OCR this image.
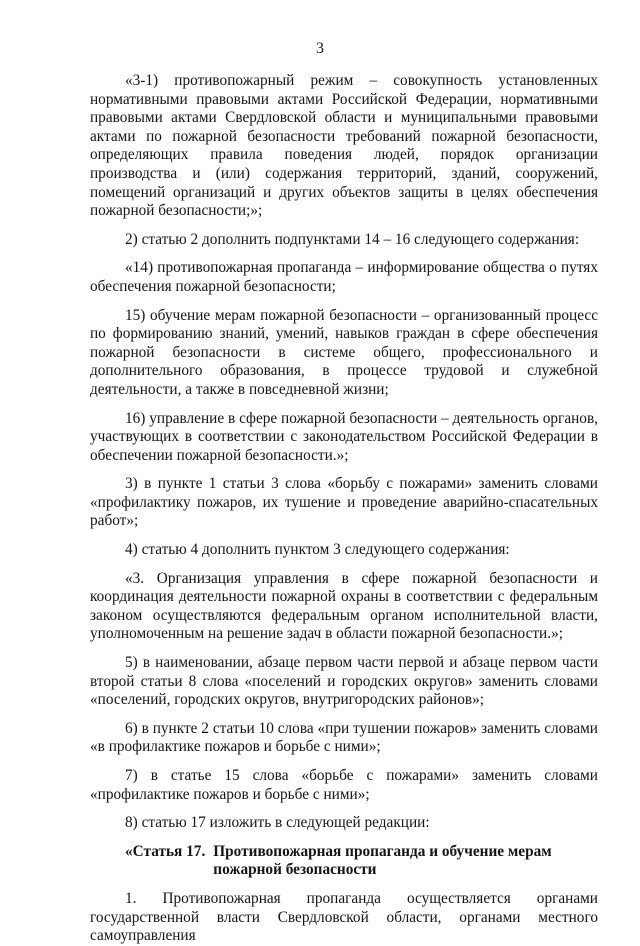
3

«3-1) противопожарный режим – совокупность установленных нормативными правовыми актами Российской Федерации, нормативными правовыми актами Свердловской области и муниципальными правовыми актами по пожарной безопасности требований пожарной безопасности, определяющих правила поведения людей, порядок организации производства и (или) содержания территорий, зданий, сооружений, помещений организаций и других объектов защиты в целях обеспечения пожарной безопасности;»;

2) статью 2 дополнить подпунктами 14 – 16 следующего содержания:

«14) противопожарная пропаганда – информирование общества о путях обеспечения пожарной безопасности;

15) обучение мерам пожарной безопасности – организованный процесс по формированию знаний, умений, навыков граждан в сфере обеспечения пожарной безопасности в системе общего, профессионального и дополнительного образования, в процессе трудовой и служебной деятельности, а также в повседневной жизни;

16) управление в сфере пожарной безопасности – деятельность органов, участвующих в соответствии с законодательством Российской Федерации в обеспечении пожарной безопасности.»;

3) в пункте 1 статьи 3 слова «борьбу с пожарами» заменить словами «профилактику пожаров, их тушение и проведение аварийно-спасательных работ»;

4) статью 4 дополнить пунктом 3 следующего содержания:

«3. Организация управления в сфере пожарной безопасности и координация деятельности пожарной охраны в соответствии с федеральным законом осуществляются федеральным органом исполнительной власти, уполномоченным на решение задач в области пожарной безопасности.»;

5) в наименовании, абзаце первом части первой и абзаце первом части второй статьи 8 слова «поселений и городских округов» заменить словами «поселений, городских округов, внутригородских районов»;

6) в пункте 2 статьи 10 слова «при тушении пожаров» заменить словами «в профилактике пожаров и борьбе с ними»;

7) в статье 15 слова «борьбе с пожарами» заменить словами «профилактике пожаров и борьбе с ними»;

8) статью 17 изложить в следующей редакции:

«Статья 17. Противопожарная пропаганда и обучение мерам пожарной безопасности

1. Противопожарная пропаганда осуществляется органами государственной власти Свердловской области, органами местного самоуправления
